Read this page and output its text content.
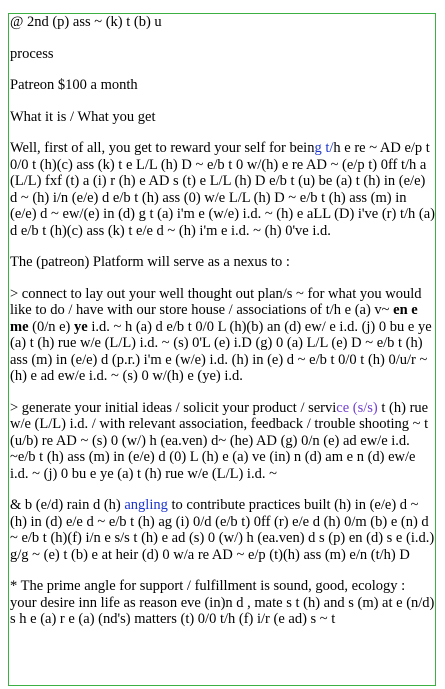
@ 2nd (p) ass ~ (k) t (b) u

process

Patreon $100 a month

What it is / What you get

Well, first of all, you get to reward your self for being t/h e re ~ AD e/p t 0/0 t (h)(c) ass (k) t e L/L (h) D ~ e/b t 0 w/(h) e re AD ~ (e/p t) 0ff t/h a (L/L) fxf (t) a (i) r (h) e AD s (t) e L/L (h) D e/b t (u) be (a) t (h) in (e/e) d ~ (h) i/n (e/e) d e/b t (h) ass (0) w/e L/L (h) D ~ e/b t (h) ass (m) in (e/e) d ~ ew/(e) in (d) g t (a) i'm e (w/e) i.d. ~ (h) e aLL (D) i've (r) t/h (a) d e/b t (h)(c) ass (k) t e/e d ~ (h) i'm e i.d. ~ (h) 0've i.d.

The (patreon) Platform will serve as a nexus to :

> connect to lay out your well thought out plan/s ~ for what you would like to do / have with our store house / associations of t/h e (a) v~ en e me (0/n e) ye i.d. ~ h (a) d e/b t 0/0 L (h)(b) an (d) ew/ e i.d. (j) 0 bu e ye (a) t (h) rue w/e (L/L) i.d. ~ (s) 0'L (e) i.D (g) 0 (a) L/L (e) D ~ e/b t (h) ass (m) in (e/e) d (p.r.) i'm e (w/e) i.d. (h) in (e) d ~ e/b t 0/0 t (h) 0/u/r ~ (h) e ad ew/e i.d. ~ (s) 0 w/(h) e (ye) i.d.

> generate your initial ideas / solicit your product / service (s/s) t (h) rue w/e (L/L) i.d. / with relevant association, feedback / trouble shooting ~ t (u/b) re AD ~ (s) 0 (w/) h (ea.ven) d~ (he) AD (g) 0/n (e) ad ew/e i.d. ~e/b t (h) ass (m) in (e/e) d (0) L (h) e (a) ve (in) n (d) am e n (d) ew/e i.d. ~ (j) 0 bu e ye (a) t (h) rue w/e (L/L) i.d. ~

& b (e/d) rain d (h) angling to contribute practices built (h) in (e/e) d ~ (h) in (d) e/e d ~ e/b t (h) ag (i) 0/d (e/b t) 0ff (r) e/e d (h) 0/m (b) e (n) d ~ e/b t (h)(f) i/n e s/s t (h) e ad (s) 0 (w/) h (ea.ven) d s (p) en (d) s e (i.d.) g/g ~ (e) t (b) e at heir (d) 0 w/a re AD ~ e/p (t)(h) ass (m) e/n (t/h) D

* The prime angle for support / fulfillment is sound, good, ecology : your desire inn life as reason eve (in)n d , mate s t (h) and s (m) at e (n/d) s h e (a) r e (a) (nd's) matters (t) 0/0 t/h (f) i/r (e ad) s ~ t
